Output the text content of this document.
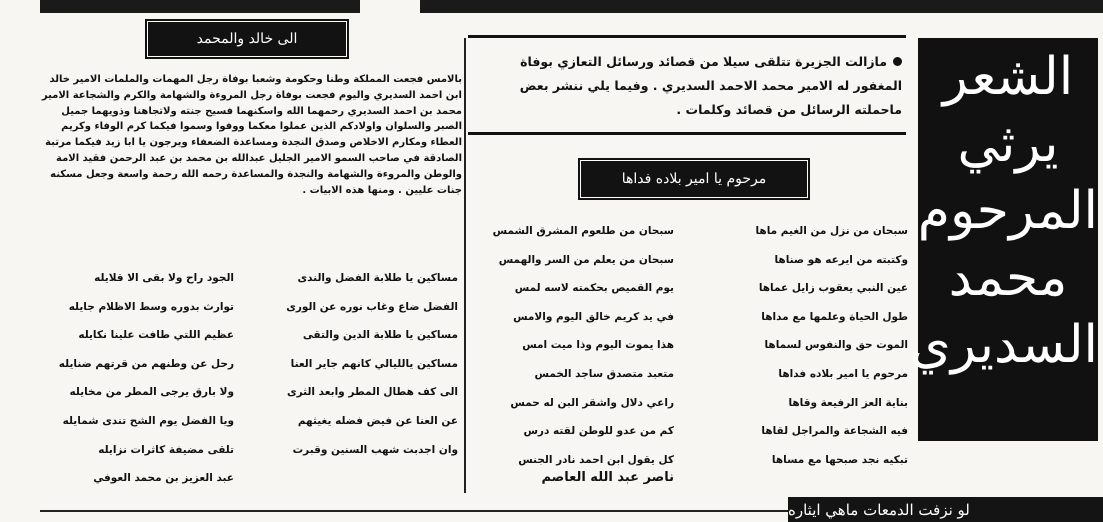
الى خالد والمحمد
بالامس فجعت المملكة وطنا وحكومة وشعبا بوفاة رجل المهمات والملمات الامير خالد ابن احمد السديري واليوم فجعت بوفاة رجل المروءة والشهامة والكرم والشجاعة الامير محمد بن احمد السديري رحمهما الله واسكنهما فسيح جنته ولاتجاهنا وذويهما جميل الصبر والسلوان واولادكم الذين عملوا معكما ووفوا وسموا فيكما كرم الوفاء وكريم العطاء ومكارم الاخلاص وصدق النجدة ومساعدة الضعفاء ويرجون يا ابا زيد فيكما مرتبة الصادقة في صاحب السمو الامير الجليل عبدالله بن محمد بن عبد الرحمن فقيد الامة والوطن والمروءة والشهامة والنجدة والمساعدة رحمه الله رحمة واسعة وجعل مسكنه جنات عليين . ومنها هذه الابيات .
مازالت الجزيرة تتلقى سيلا من قصائد ورسائل التعازي بوفاة المغفور له الامير محمد الاحمد السديري . وفيما يلي ننشر بعض ماحملته الرسائل من قصائد وكلمات .
مرحوم يا امير بلاده فداها
الشعر
يرثي
المرحوم
محمد
السديري
سبحان من نزل من الغيم ماها
وكتبته من ايرعه هو صناها
عين النبي يعقوب زايل عماها
طول الحياة وعلمها مع مداها
الموت حق والنفوس لسماها
مرحوم يا امير بلاده فداها
بناية العز الرفيعة وقاها
فيه الشجاعة والمراجل لقاها
تبكيه نجد صبحها مع مساها
سبحان من طلعوم المشرق الشمس
سبحان من يعلم من السر والهمس
يوم القميص بحكمته لاسه لمس
في يد كريم خالق اليوم والامس
هذا يموت اليوم وذا ميت امس
متعبد متصدق ساجد الخمس
راعي دلال واشقر البن له حمس
كم من عدو للوطن لقته درس
كل يقول ابن احمد نادر الجنس
ناصر عبد الله العاصم
الجود راح ولا بقى الا قلايله
توارث بدوره وسط الاظلام جايله
عظيم اللتي طافت علينا نكايله
رحل عن وطنهم من قرتهم ضنايله
ولا بارق يرجى المطر من مخايله
ويا الفضل يوم الشح تندى شمايله
تلقى مضيفة كاثرات نزايله
مساكين يا طلابة الفضل والندى
الفضل ضاع وغاب نوره عن الورى
مساكين يا طلابة الدين والتقى
مساكين يالليالي كانهم جاير العنا
الى كف هطال المطر وابعد الثرى
عن العنا عن فيض فضله يغيثهم
وان اجدبت شهب السنين وقبرت
عبد العزيز بن محمد العوفي
لو نزفت الدمعات ماهي ايثاره
